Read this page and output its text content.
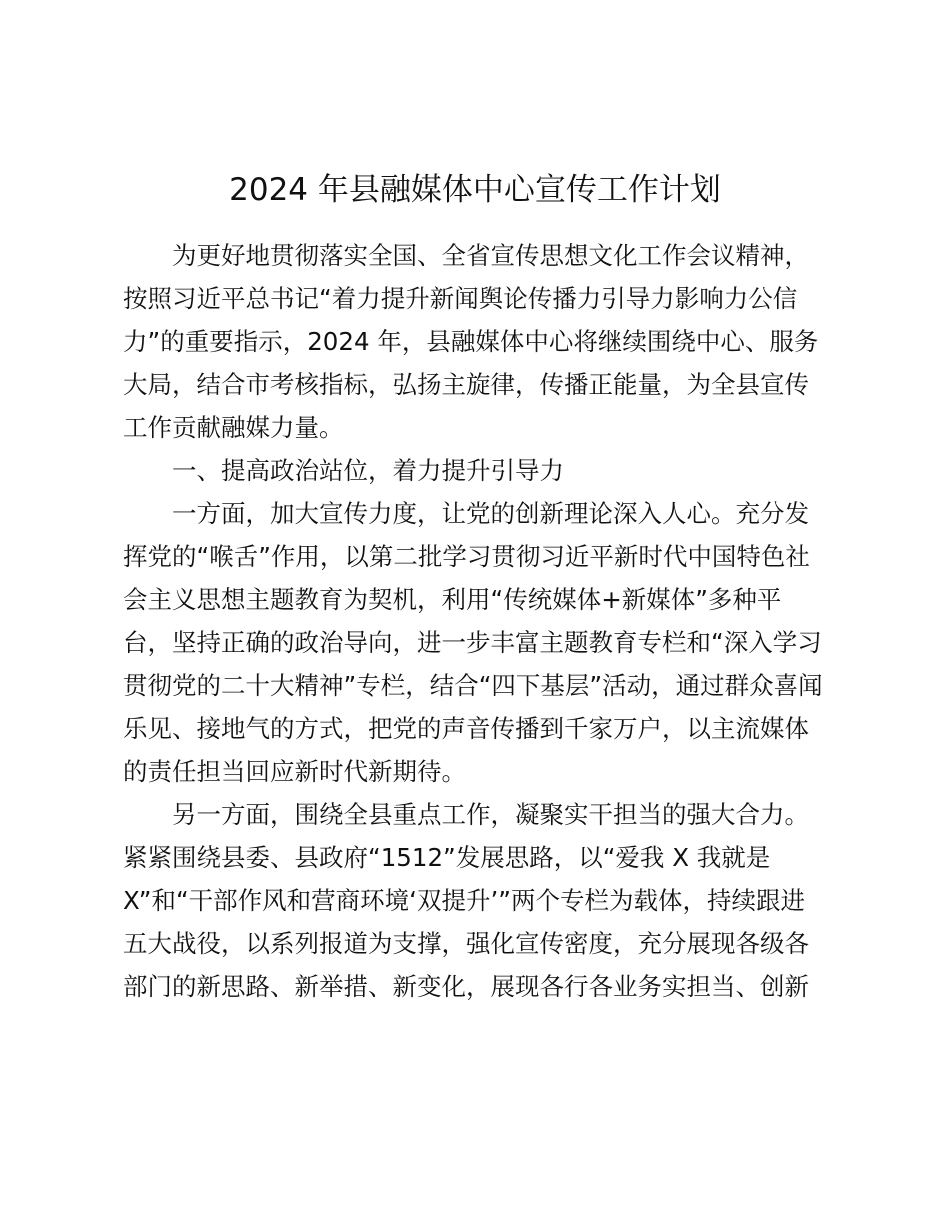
2024 年县融媒体中心宣传工作计划

为更好地贯彻落实全国、全省宣传思想文化工作会议精神，

按照习近平总书记“着力提升新闻舆论传播力引导力影响力公信

力”的重要指示，2024 年，县融媒体中心将继续围绕中心、服务

大局，结合市考核指标，弘扬主旋律，传播正能量，为全县宣传

工作贡献融媒力量。

一、提高政治站位，着力提升引导力

一方面，加大宣传力度，让党的创新理论深入人心。充分发

挥党的“喉舌”作用，以第二批学习贯彻习近平新时代中国特色社

会主义思想主题教育为契机，利用“传统媒体+新媒体”多种平

台，坚持正确的政治导向，进一步丰富主题教育专栏和“深入学习

贯彻党的二十大精神”专栏，结合“四下基层”活动，通过群众喜闻

乐见、接地气的方式，把党的声音传播到千家万户，以主流媒体

的责任担当回应新时代新期待。

另一方面，围绕全县重点工作，凝聚实干担当的强大合力。

紧紧围绕县委、县政府“1512”发展思路，以“爱我 X 我就是

X”和“干部作风和营商环境‘双提升’”两个专栏为载体，持续跟进

五大战役，以系列报道为支撑，强化宣传密度，充分展现各级各

部门的新思路、新举措、新变化，展现各行各业务实担当、创新
